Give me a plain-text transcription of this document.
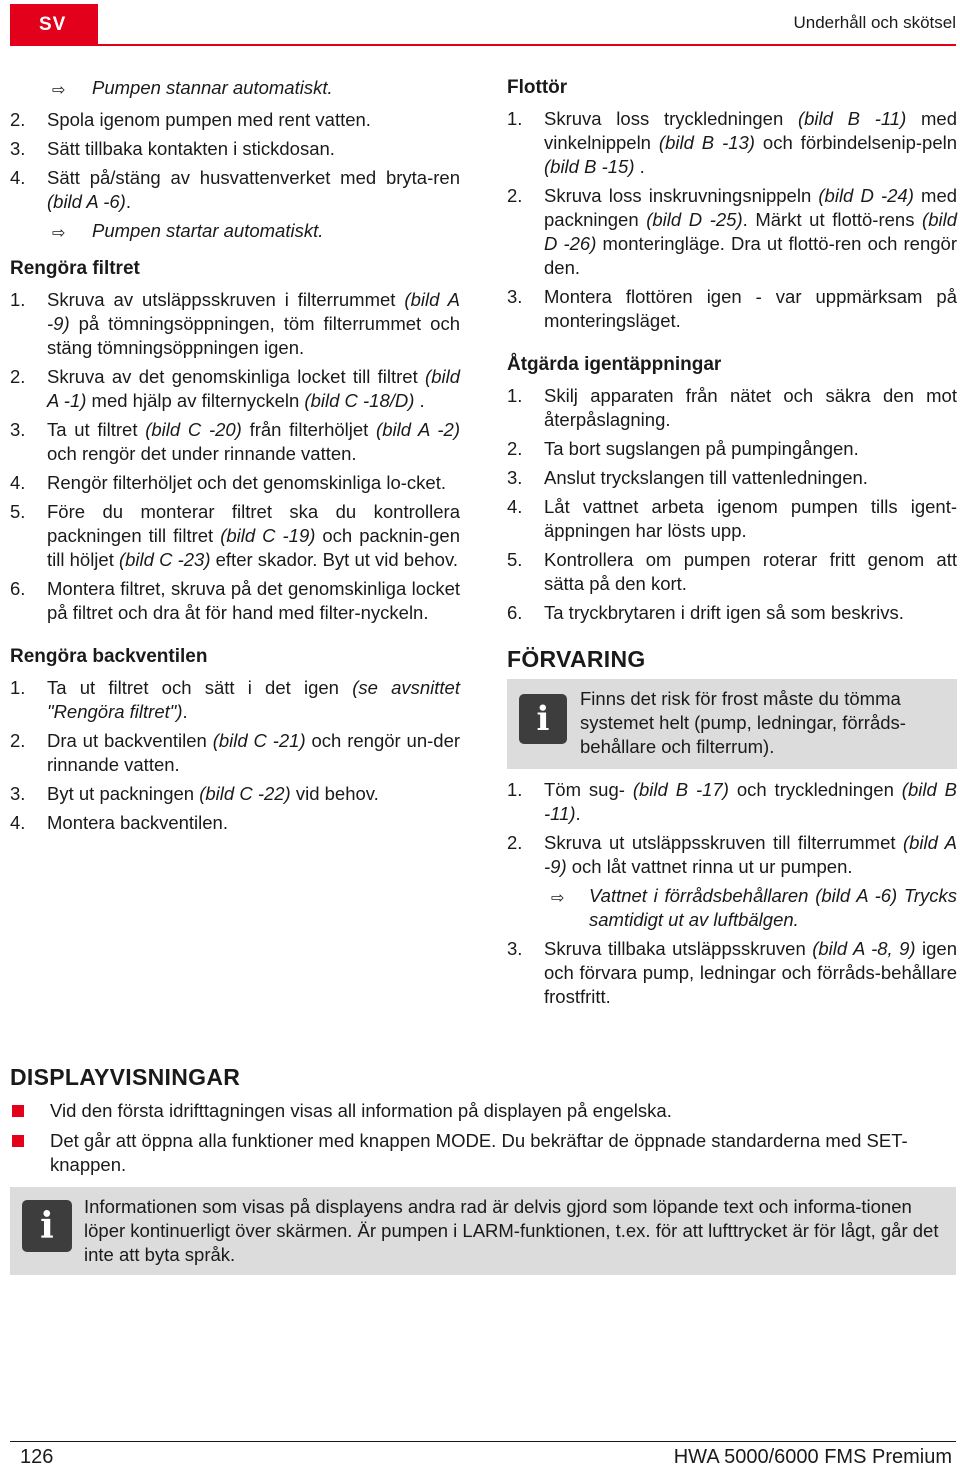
SV	Underhåll och skötsel
⇨ Pumpen stannar automatiskt.
2. Spola igenom pumpen med rent vatten.
3. Sätt tillbaka kontakten i stickdosan.
4. Sätt på/stäng av husvattenverket med bryta-ren (bild A -6).
⇨ Pumpen startar automatiskt.
Rengöra filtret
1. Skruva av utsläppsskruven i filterrummet (bild A -9) på tömningsöppningen, töm filterrummet och stäng tömningsöppningen igen.
2. Skruva av det genomskinliga locket till filtret (bild A -1) med hjälp av filternyckeln (bild C -18/D) .
3. Ta ut filtret (bild C -20) från filterhöljet (bild A -2) och rengör det under rinnande vatten.
4. Rengör filterhöljet och det genomskinliga lo-cket.
5. Före du monterar filtret ska du kontrollera packningen till filtret (bild C -19) och packnin-gen till höljet (bild C -23) efter skador. Byt ut vid behov.
6. Montera filtret, skruva på det genomskinliga locket på filtret och dra åt för hand med filter-nyckeln.
Rengöra backventilen
1. Ta ut filtret och sätt i det igen (se avsnittet "Rengöra filtret").
2. Dra ut backventilen (bild C -21) och rengör un-der rinnande vatten.
3. Byt ut packningen (bild C -22) vid behov.
4. Montera backventilen.
Flottör
1. Skruva loss tryckledningen (bild B -11) med vinkelnippeln (bild B -13) och förbindelsenip-peln (bild B -15) .
2. Skruva loss inskruvningsnippeln (bild D -24) med packningen (bild D -25). Märkt ut flottö-rens (bild D -26) monteringläge. Dra ut flottö-ren och rengör den.
3. Montera flottören igen - var uppmärksam på monteringsläget.
Åtgärda igentäppningar
1. Skilj apparaten från nätet och säkra den mot återpåslagning.
2. Ta bort sugslangen på pumpingången.
3. Anslut tryckslangen till vattenledningen.
4. Låt vattnet arbeta igenom pumpen tills igent-äppningen har lösts upp.
5. Kontrollera om pumpen roterar fritt genom att sätta på den kort.
6. Ta tryckbrytaren i drift igen så som beskrivs.
FÖRVARING
i
Finns det risk för frost måste du tömma systemet helt (pump, ledningar, förråds-behållare och filterrum).
1. Töm sug- (bild B -17) och tryckledningen (bild B -11).
2. Skruva ut utsläppsskruven till filterrummet (bild A -9) och låt vattnet rinna ut ur pumpen.
⇨ Vattnet i förrådsbehållaren (bild A -6) Trycks samtidigt ut av luftbälgen.
3. Skruva tillbaka utsläppsskruven (bild A -8, 9) igen och förvara pump, ledningar och förråds-behållare frostfritt.
DISPLAYVISNINGAR
Vid den första idrifttagningen visas all information på displayen på engelska.
Det går att öppna alla funktioner med knappen MODE. Du bekräftar de öppnade standarderna med SET-knappen.
i	Informationen som visas på displayens andra rad är delvis gjord som löpande text och informa-tionen löper kontinuerligt över skärmen. Är pumpen i LARM-funktionen, t.ex. för att lufttrycket är för lågt, går det inte att byta språk.
126	HWA 5000/6000 FMS Premium
